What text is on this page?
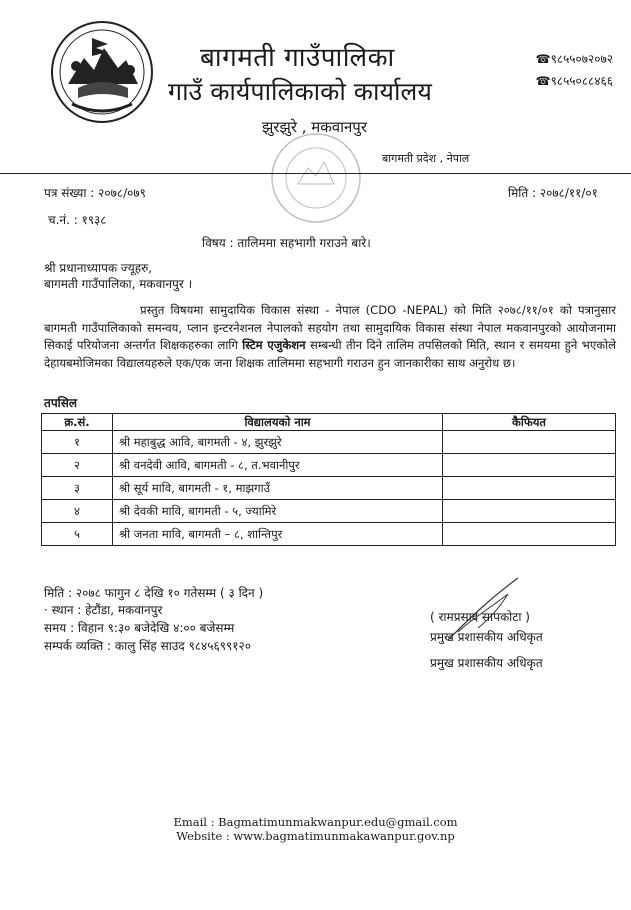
बागमती गाउँपालिका
गाउँ कार्यपालिकाको कार्यालय
☎९८५५०७२०७२
☎९८५५०८८४६६
झुरझुरे , मकवानपुर
बागमती प्रदेश , नेपाल
पत्र संख्या : २०७८/०७९
च.नं. : १९३८
मिति : २०७८/११/०१
विषय : तालिममा सहभागी गराउने बारे।
श्री प्रधानाध्यापक ज्यूहरु,
बागमती गाउँपालिका, मकवानपुर ।
प्रस्तुत विषयमा सामुदायिक विकास संस्था - नेपाल (CDO -NEPAL) को मिति २०७८/११/०१ को पत्रानुसार बागमती गाउँपालिकाको समन्वय, प्लान इन्टरनेशनल नेपालको सहयोग तथा सामुदायिक विकास संस्था नेपाल मकवानपुरको आयोजनामा सिकाई परियोजना अन्तर्गत शिक्षकहरुका लागि स्टिम एजुकेशन सम्बन्धी तीन दिने तालिम तपसिलको मिति, स्थान र समयमा हुने भएकोले देहायबमोजिमका विद्यालयहरुले एक/एक जना शिक्षक तालिममा सहभागी गराउन हुन जानकारीका साथ अनुरोध छ।
तपसिल
क्र.सं.	विद्यालयको नाम	कैफियत
१	श्री महाबुद्ध आवि, बागमती - ४, झुरझुरे	
२	श्री वनदेवी आवि, बागमती - ८, त.भवानीपुर	
३	श्री सूर्य मावि, बागमती - १, माझगाउँ	
४	श्री देवकी मावि, बागमती - ५, ज्यामिरे	
५	श्री जनता मावि, बागमती – ८, शान्तिपुर	
मिति : २०७८ फागुन ८ देखि १० गतेसम्म ( ३ दिन )
· स्थान : हेटौंडा, मकवानपुर
समय : विहान ९:३० बजेदेखि ४:०० बजेसम्म
सम्पर्क व्यक्ति : कालु सिंह साउद ९८४५६९९१२०
( रामप्रसाद सापकोटा )
प्रमुख प्रशासकीय अधिकृत
प्रमुख प्रशासकीय अधिकृत
Email : Bagmatimunmakwanpur.edu@gmail.com
Website : www.bagmatimunmakawanpur.gov.np
